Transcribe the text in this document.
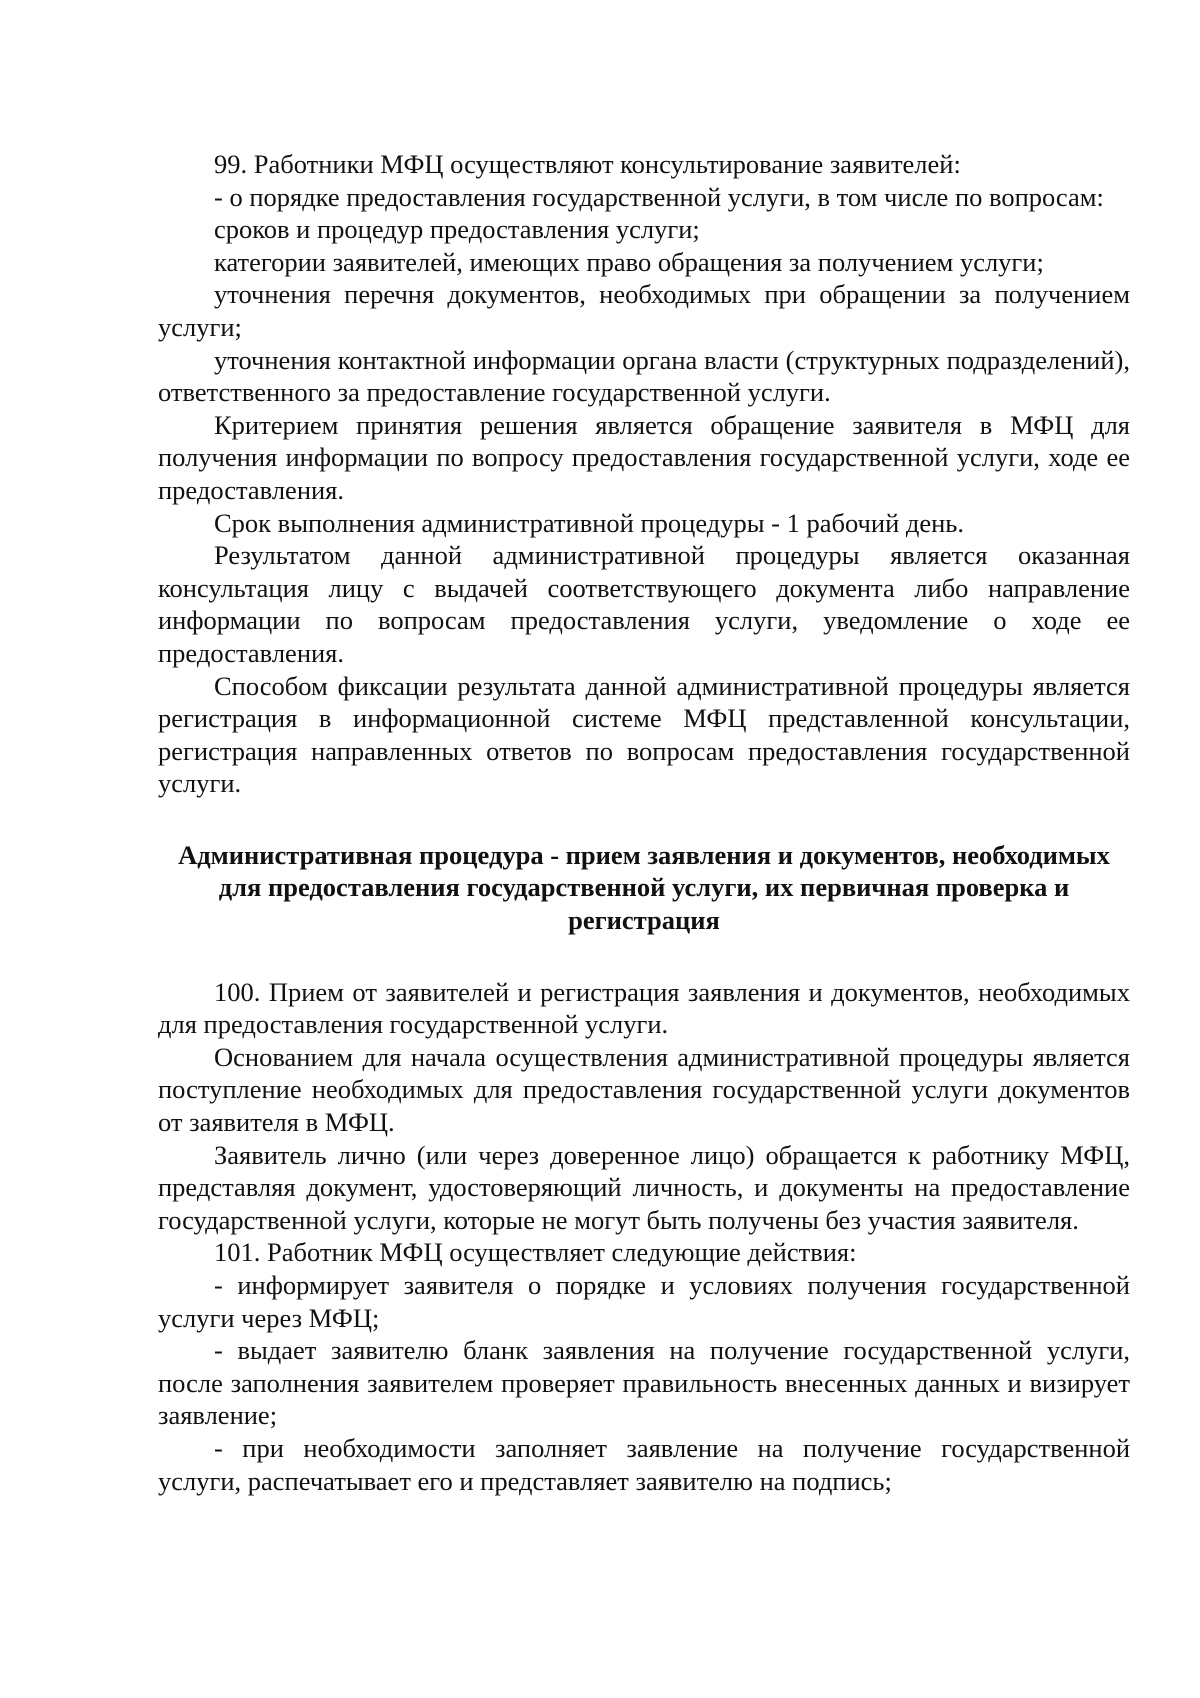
99. Работники МФЦ осуществляют консультирование заявителей:

- о порядке предоставления государственной услуги, в том числе по вопросам:

сроков и процедур предоставления услуги;

категории заявителей, имеющих право обращения за получением услуги;

уточнения перечня документов, необходимых при обращении за получением услуги;

уточнения контактной информации органа власти (структурных подразделений), ответственного за предоставление государственной услуги.

Критерием принятия решения является обращение заявителя в МФЦ для получения информации по вопросу предоставления государственной услуги, ходе ее предоставления.

Срок выполнения административной процедуры - 1 рабочий день.

Результатом данной административной процедуры является оказанная консультация лицу с выдачей соответствующего документа либо направление информации по вопросам предоставления услуги, уведомление о ходе ее предоставления.

Способом фиксации результата данной административной процедуры является регистрация в информационной системе МФЦ представленной консультации, регистрация направленных ответов по вопросам предоставления государственной услуги.

Административная процедура - прием заявления и документов, необходимых для предоставления государственной услуги, их первичная проверка и регистрация

100. Прием от заявителей и регистрация заявления и документов, необходимых для предоставления государственной услуги.

Основанием для начала осуществления административной процедуры является поступление необходимых для предоставления государственной услуги документов от заявителя в МФЦ.

Заявитель лично (или через доверенное лицо) обращается к работнику МФЦ, представляя документ, удостоверяющий личность, и документы на предоставление государственной услуги, которые не могут быть получены без участия заявителя.

101. Работник МФЦ осуществляет следующие действия:

- информирует заявителя о порядке и условиях получения государственной услуги через МФЦ;

- выдает заявителю бланк заявления на получение государственной услуги, после заполнения заявителем проверяет правильность внесенных данных и визирует заявление;

- при необходимости заполняет заявление на получение государственной услуги, распечатывает его и представляет заявителю на подпись;
